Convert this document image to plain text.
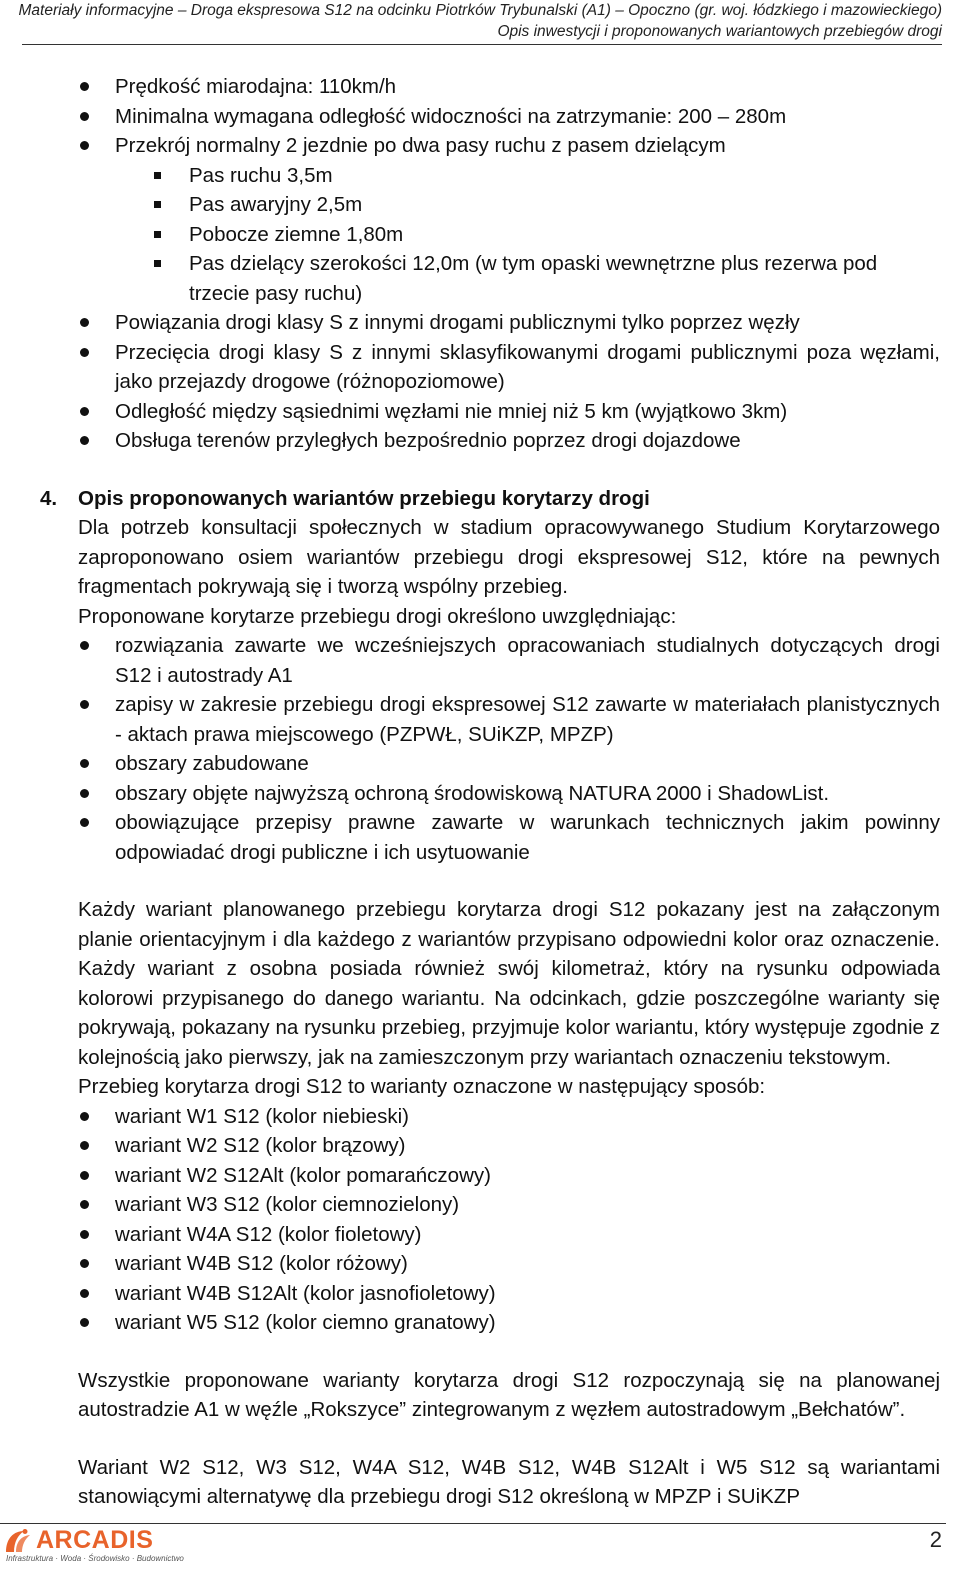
Materiały informacyjne – Droga ekspresowa S12 na odcinku Piotrków Trybunalski (A1) – Opoczno (gr. woj. łódzkiego i mazowieckiego)
Opis inwestycji i proponowanych wariantowych przebiegów drogi
Prędkość miarodajna: 110km/h
Minimalna wymagana odległość widoczności na zatrzymanie: 200 – 280m
Przekrój normalny 2 jezdnie po dwa pasy ruchu z pasem dzielącym
Pas ruchu 3,5m
Pas awaryjny 2,5m
Pobocze ziemne 1,80m
Pas dzielący szerokości 12,0m (w tym opaski wewnętrzne plus rezerwa pod trzecie pasy ruchu)
Powiązania drogi klasy S z innymi drogami publicznymi tylko poprzez węzły
Przecięcia drogi klasy S z innymi sklasyfikowanymi drogami publicznymi poza węzłami, jako przejazdy drogowe (różnopoziomowe)
Odległość między sąsiednimi węzłami nie mniej niż 5 km (wyjątkowo 3km)
Obsługa terenów przyległych bezpośrednio poprzez drogi dojazdowe
4. Opis proponowanych wariantów przebiegu korytarzy drogi
Dla potrzeb konsultacji społecznych w stadium opracowywanego Studium Korytarzowego zaproponowano osiem wariantów przebiegu drogi ekspresowej S12, które na pewnych fragmentach pokrywają się i tworzą wspólny przebieg.
Proponowane korytarze przebiegu drogi określono uwzględniając:
rozwiązania zawarte we wcześniejszych opracowaniach studialnych dotyczących drogi S12 i autostrady A1
zapisy w zakresie przebiegu drogi ekspresowej S12 zawarte w materiałach planistycznych - aktach prawa miejscowego (PZPWŁ, SUiKZP, MPZP)
obszary zabudowane
obszary objęte najwyższą ochroną środowiskową NATURA 2000 i ShadowList.
obowiązujące przepisy prawne zawarte w warunkach technicznych jakim powinny odpowiadać drogi publiczne i ich usytuowanie
Każdy wariant planowanego przebiegu korytarza drogi S12 pokazany jest na załączonym planie orientacyjnym i dla każdego z wariantów przypisano odpowiedni kolor oraz oznaczenie. Każdy wariant z osobna posiada również swój kilometraż, który na rysunku odpowiada kolorowi przypisanego do danego wariantu. Na odcinkach, gdzie poszczególne warianty się pokrywają, pokazany na rysunku przebieg, przyjmuje kolor wariantu, który występuje zgodnie z kolejnością jako pierwszy, jak na zamieszczonym przy wariantach oznaczeniu tekstowym.
Przebieg korytarza drogi S12 to warianty oznaczone w następujący sposób:
wariant W1 S12 (kolor niebieski)
wariant W2 S12 (kolor brązowy)
wariant W2 S12Alt (kolor pomarańczowy)
wariant W3 S12 (kolor ciemnozielony)
wariant W4A S12 (kolor fioletowy)
wariant W4B S12 (kolor różowy)
wariant W4B S12Alt (kolor jasnofioletowy)
wariant W5 S12 (kolor ciemno granatowy)
Wszystkie proponowane warianty korytarza drogi S12 rozpoczynają się na planowanej autostradzie A1 w węźle „Rokszyce” zintegrowanym z węzłem autostradowym „Bełchatów”.
Wariant W2 S12, W3 S12, W4A S12, W4B S12, W4B S12Alt i W5 S12 są wariantami stanowiącymi alternatywę dla przebiegu drogi S12 określoną w MPZP i SUiKZP
ARCADIS
Infrastruktura · Woda · Środowisko · Budownictwo
2
